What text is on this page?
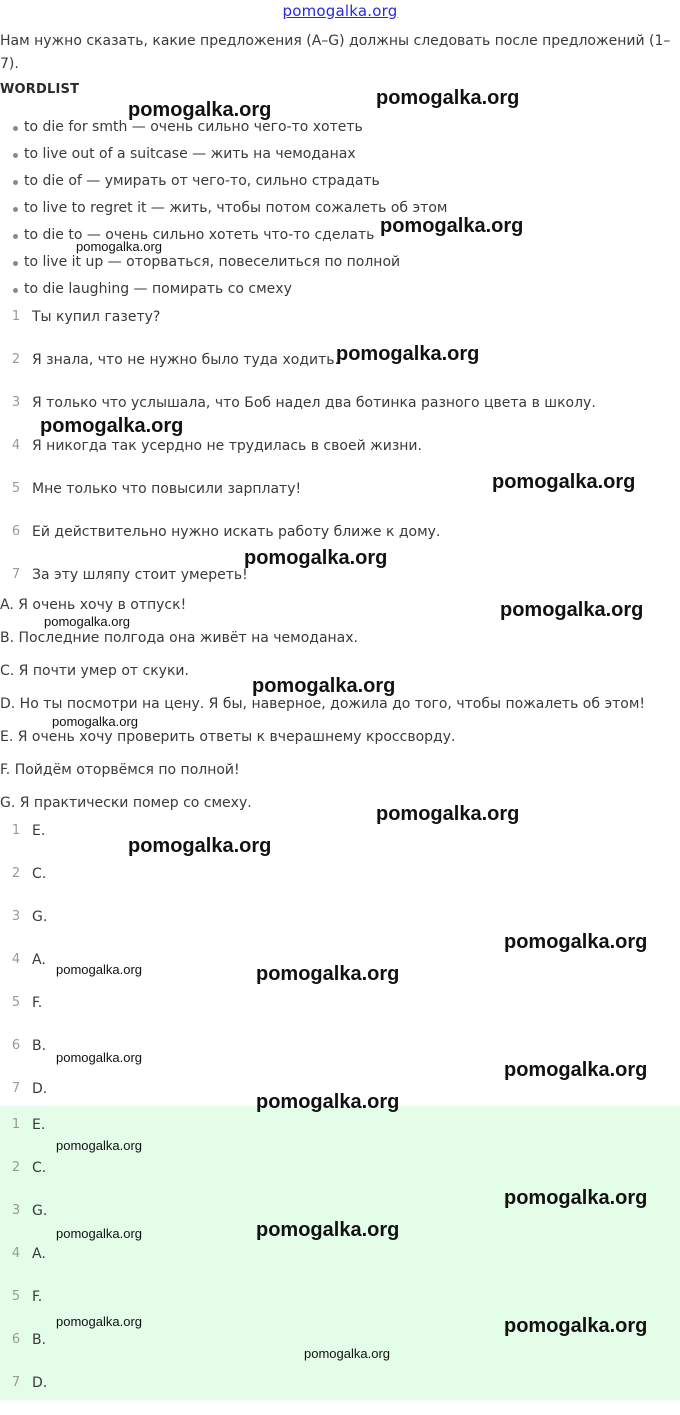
pomogalka.org
Нам нужно сказать, какие предложения (A–G) должны следовать после предложений (1–7).
WORDLIST
to die for smth — очень сильно чего-то хотеть
to live out of a suitcase — жить на чемоданах
to die of — умирать от чего-то, сильно страдать
to live to regret it — жить, чтобы потом сожалеть об этом
to die to — очень сильно хотеть что-то сделать
to live it up — оторваться, повеселиться по полной
to die laughing — помирать со смеху
1 Ты купил газету?
2 Я знала, что не нужно было туда ходить.
3 Я только что услышала, что Боб надел два ботинка разного цвета в школу.
4 Я никогда так усердно не трудилась в своей жизни.
5 Мне только что повысили зарплату!
6 Ей действительно нужно искать работу ближе к дому.
7 За эту шляпу стоит умереть!
A. Я очень хочу в отпуск!
B. Последние полгода она живёт на чемоданах.
C. Я почти умер от скуки.
D. Но ты посмотри на цену. Я бы, наверное, дожила до того, чтобы пожалеть об этом!
E. Я очень хочу проверить ответы к вчерашнему кроссворду.
F. Пойдём оторвёмся по полной!
G. Я практически помер со смеху.
1 E.
2 C.
3 G.
4 A.
5 F.
6 B.
7 D.
1 E.
2 C.
3 G.
4 A.
5 F.
6 B.
7 D.
pomogalka.org
pomogalka.org
pomogalka.org
pomogalka.org
pomogalka.org
pomogalka.org
pomogalka.org
pomogalka.org
pomogalka.org
pomogalka.org
pomogalka.org
pomogalka.org
pomogalka.org
pomogalka.org
pomogalka.org
pomogalka.org	pomogalka.org
pomogalka.org
pomogalka.org
pomogalka.org
pomogalka.org
pomogalka.org
pomogalka.org	pomogalka.org
pomogalka.org	pomogalka.org
pomogalka.org
